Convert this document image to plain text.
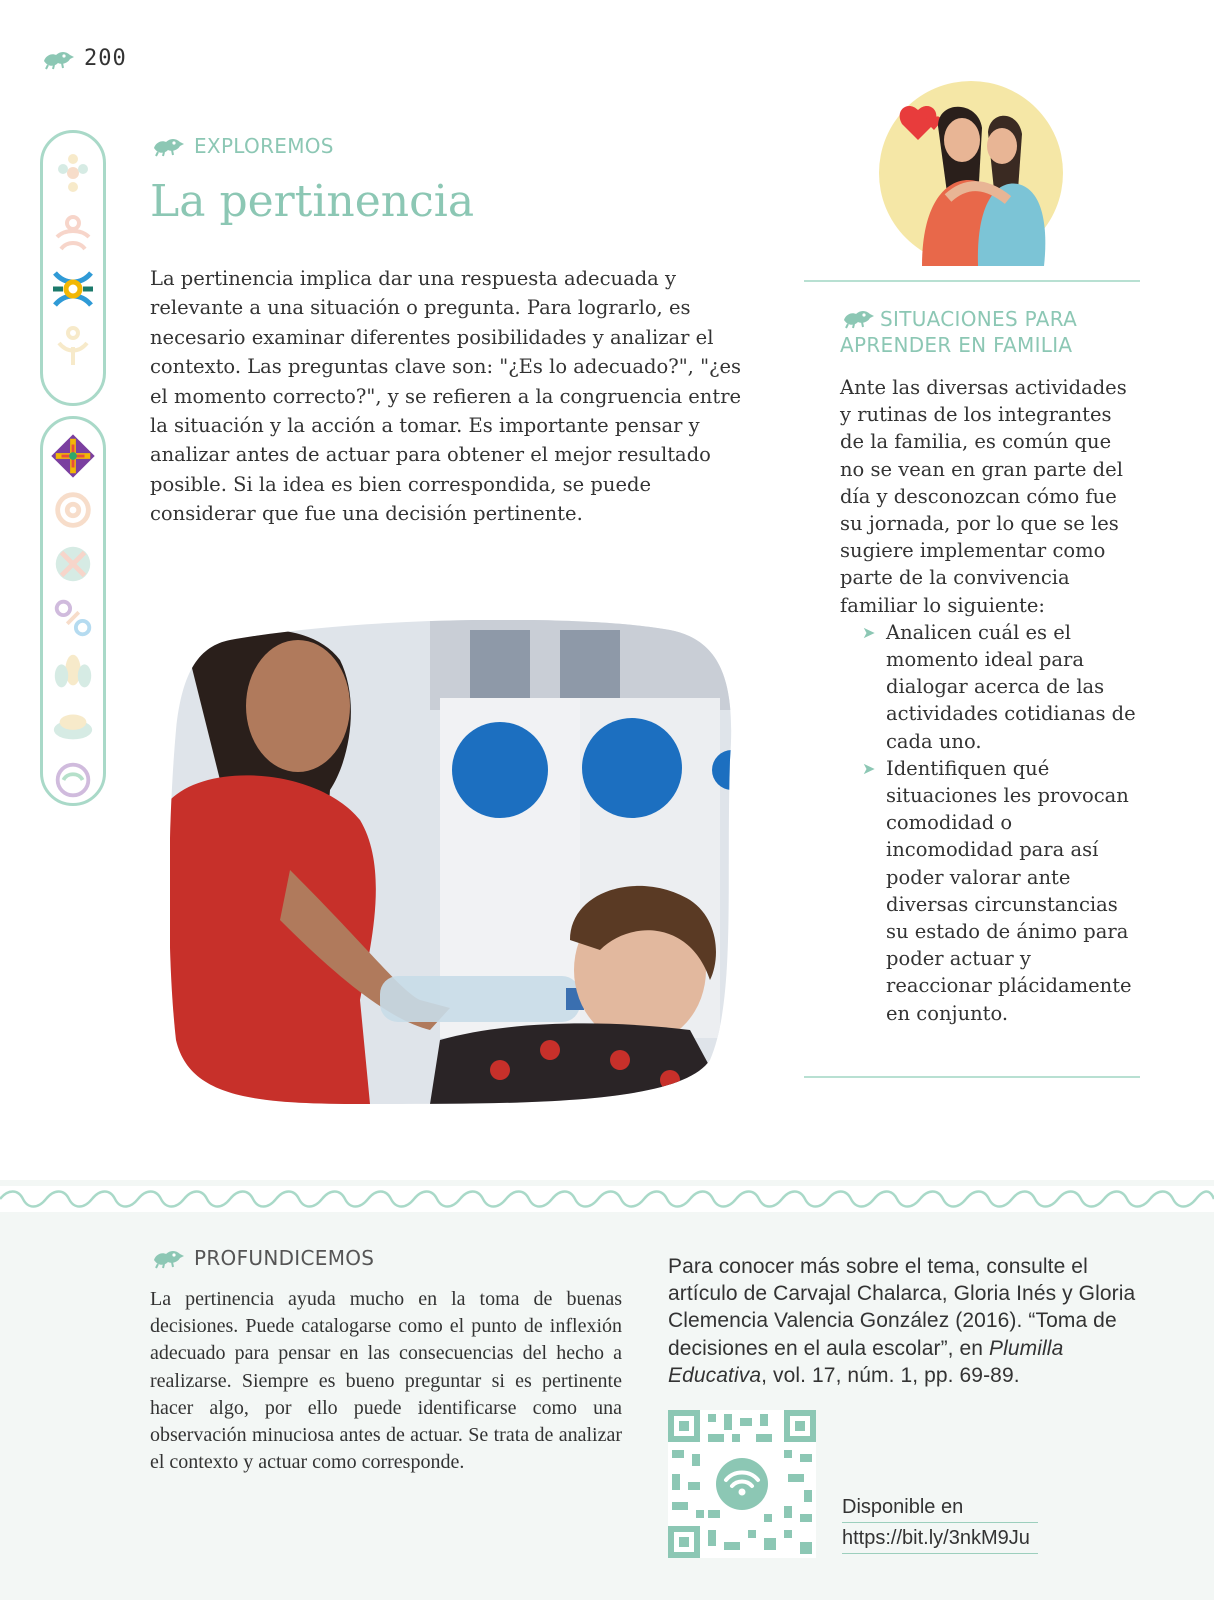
200
EXPLOREMOS
La pertinencia

La pertinencia implica dar una respuesta adecuada y relevante a una situación o pregunta. Para lograrlo, es necesario examinar diferentes posibilidades y analizar el contexto. Las preguntas clave son: "¿Es lo adecuado?", "¿es el momento correcto?", y se refieren a la congruencia entre la situación y la acción a tomar. Es importante pensar y analizar antes de actuar para obtener el mejor resultado posible. Si la idea es bien correspondida, se puede considerar que fue una decisión pertinente.

SITUACIONES PARA
APRENDER EN FAMILIA

Ante las diversas actividades y rutinas de los integrantes de la familia, es común que no se vean en gran parte del día y desconozcan cómo fue su jornada, por lo que se les sugiere implementar como parte de la convivencia familiar lo siguiente:

➤ Analicen cuál es el momento ideal para dialogar acerca de las actividades cotidianas de cada uno.
➤ Identifiquen qué situaciones les provocan comodidad o incomodidad para así poder valorar ante diversas circunstancias su estado de ánimo para poder actuar y reaccionar plácidamente en conjunto.
PROFUNDICEMOS

La pertinencia ayuda mucho en la toma de buenas decisiones. Puede catalogarse como el punto de inflexión adecuado para pensar en las consecuencias del hecho a realizarse. Siempre es bueno preguntar si es pertinente hacer algo, por ello puede identificarse como una observación minuciosa antes de actuar. Se trata de analizar el contexto y actuar como corresponde.

Para conocer más sobre el tema, consulte el artículo de Carvajal Chalarca, Gloria Inés y Gloria Clemencia Valencia González (2016). “Toma de decisiones en el aula escolar”, en Plumilla Educativa, vol. 17, núm. 1, pp. 69-89.

Disponible en
https://bit.ly/3nkM9Ju
